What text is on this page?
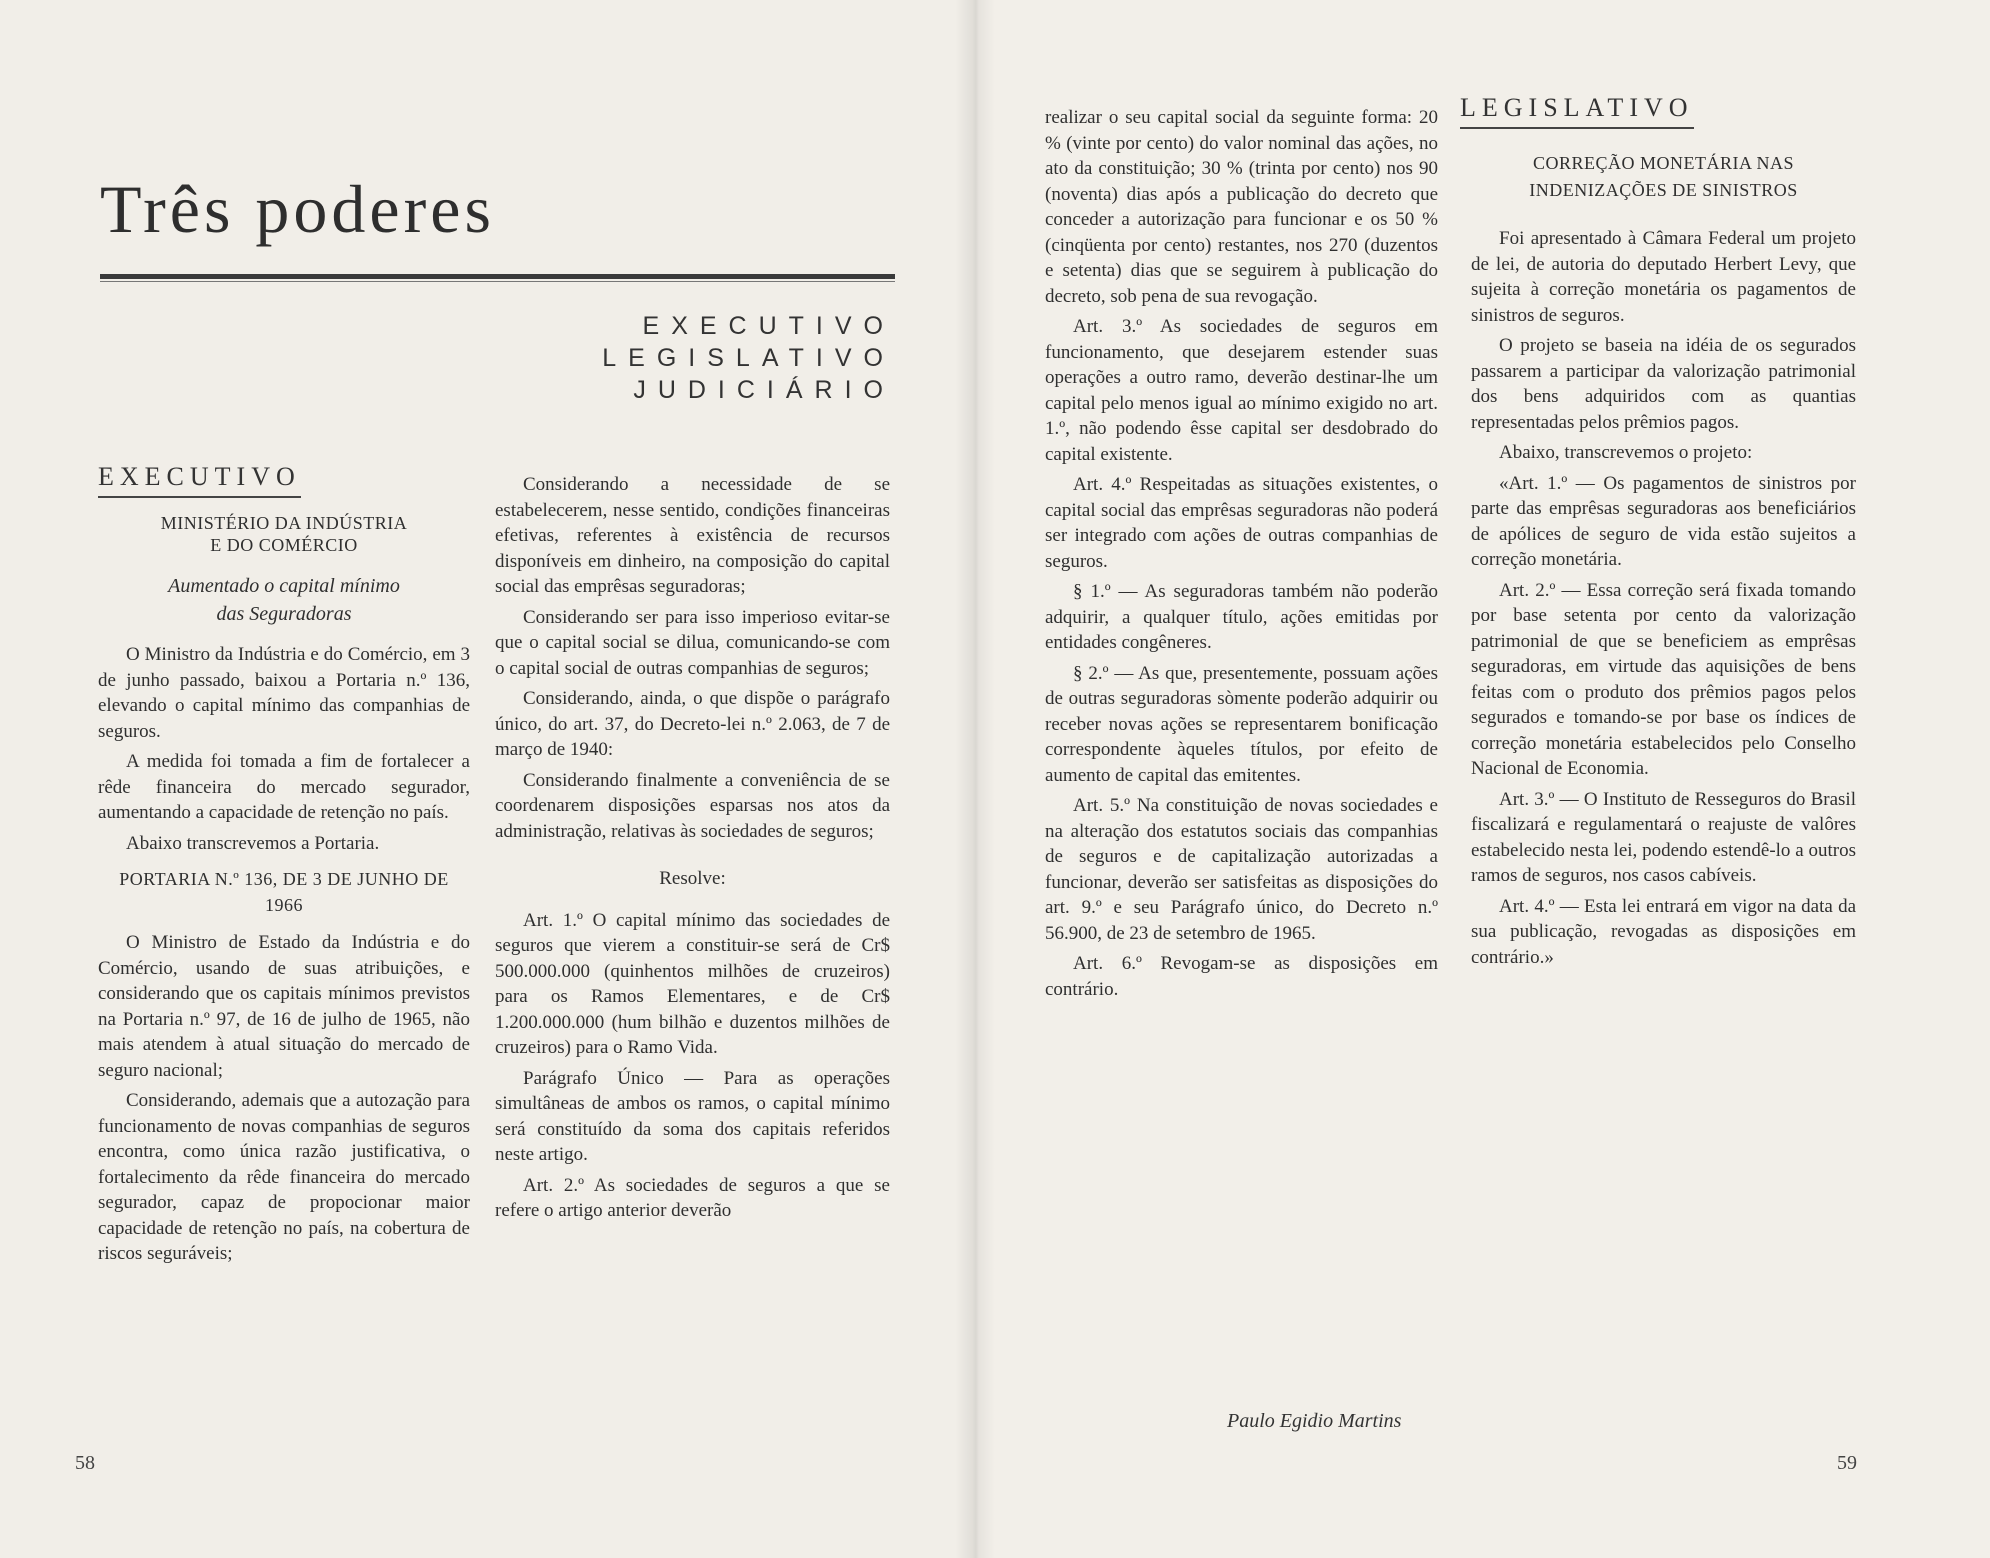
Três poderes
EXECUTIVO
LEGISLATIVO
JUDICIÁRIO
EXECUTIVO
MINISTÉRIO DA INDÚSTRIA
E DO COMÉRCIO
Aumentado o capital mínimo
das Seguradoras

O Ministro da Indústria e do Comércio, em 3 de junho passado, baixou a Portaria n.º 136, elevando o capital mínimo das companhias de seguros.

A medida foi tomada a fim de fortalecer a rêde financeira do mercado segurador, aumentando a capacidade de retenção no país.

Abaixo transcrevemos a Portaria.

PORTARIA N.º 136, DE 3 DE JUNHO DE 1966

O Ministro de Estado da Indústria e do Comércio, usando de suas atribuições, e considerando que os capitais mínimos previstos na Portaria n.º 97, de 16 de julho de 1965, não mais atendem à atual situação do mercado de seguro nacional;

Considerando, ademais que a autozação para funcionamento de novas companhias de seguros encontra, como única razão justificativa, o fortalecimento da rêde financeira do mercado segurador, capaz de propocionar maior capacidade de retenção no país, na cobertura de riscos seguráveis;

Considerando a necessidade de se estabelecerem, nesse sentido, condições financeiras efetivas, referentes à existência de recursos disponíveis em dinheiro, na composição do capital social das emprêsas seguradoras;

Considerando ser para isso imperioso evitar-se que o capital social se dilua, comunicando-se com o capital social de outras companhias de seguros;

Considerando, ainda, o que dispõe o parágrafo único, do art. 37, do Decreto-lei n.º 2.063, de 7 de março de 1940:

Considerando finalmente a conveniência de se coordenarem disposições esparsas nos atos da administração, relativas às sociedades de seguros;

Resolve:

Art. 1.º O capital mínimo das sociedades de seguros que vierem a constituir-se será de Cr$ 500.000.000 (quinhentos milhões de cruzeiros) para os Ramos Elementares, e de Cr$ 1.200.000.000 (hum bilhão e duzentos milhões de cruzeiros) para o Ramo Vida.

Parágrafo Único — Para as operações simultâneas de ambos os ramos, o capital mínimo será constituído da soma dos capitais referidos neste artigo.

Art. 2.º As sociedades de seguros a que se refere o artigo anterior deverão

58

realizar o seu capital social da seguinte forma: 20 % (vinte por cento) do valor nominal das ações, no ato da constituição; 30 % (trinta por cento) nos 90 (noventa) dias após a publicação do decreto que conceder a autorização para funcionar e os 50 % (cinqüenta por cento) restantes, nos 270 (duzentos e setenta) dias que se seguirem à publicação do decreto, sob pena de sua revogação.

Art. 3.º As sociedades de seguros em funcionamento, que desejarem estender suas operações a outro ramo, deverão destinar-lhe um capital pelo menos igual ao mínimo exigido no art. 1.º, não podendo êsse capital ser desdobrado do capital existente.

Art. 4.º Respeitadas as situações existentes, o capital social das emprêsas seguradoras não poderá ser integrado com ações de outras companhias de seguros.

§ 1.º — As seguradoras também não poderão adquirir, a qualquer título, ações emitidas por entidades congêneres.

§ 2.º — As que, presentemente, possuam ações de outras seguradoras sòmente poderão adquirir ou receber novas ações se representarem bonificação correspondente àqueles títulos, por efeito de aumento de capital das emitentes.

Art. 5.º Na constituição de novas sociedades e na alteração dos estatutos sociais das companhias de seguros e de capitalização autorizadas a funcionar, deverão ser satisfeitas as disposições do art. 9.º e seu Parágrafo único, do Decreto n.º 56.900, de 23 de setembro de 1965.

Art. 6.º Revogam-se as disposições em contrário.

Paulo Egidio Martins
LEGISLATIVO
CORREÇÃO MONETÁRIA NAS
INDENIZAÇÕES DE SINISTROS

Foi apresentado à Câmara Federal um projeto de lei, de autoria do deputado Herbert Levy, que sujeita à correção monetária os pagamentos de sinistros de seguros.

O projeto se baseia na idéia de os segurados passarem a participar da valorização patrimonial dos bens adquiridos com as quantias representadas pelos prêmios pagos.

Abaixo, transcrevemos o projeto:

«Art. 1.º — Os pagamentos de sinistros por parte das emprêsas seguradoras aos beneficiários de apólices de seguro de vida estão sujeitos a correção monetária.

Art. 2.º — Essa correção será fixada tomando por base setenta por cento da valorização patrimonial de que se beneficiem as emprêsas seguradoras, em virtude das aquisições de bens feitas com o produto dos prêmios pagos pelos segurados e tomando-se por base os índices de correção monetária estabelecidos pelo Conselho Nacional de Economia.

Art. 3.º — O Instituto de Resseguros do Brasil fiscalizará e regulamentará o reajuste de valôres estabelecido nesta lei, podendo estendê-lo a outros ramos de seguros, nos casos cabíveis.

Art. 4.º — Esta lei entrará em vigor na data da sua publicação, revogadas as disposições em contrário.»

59
